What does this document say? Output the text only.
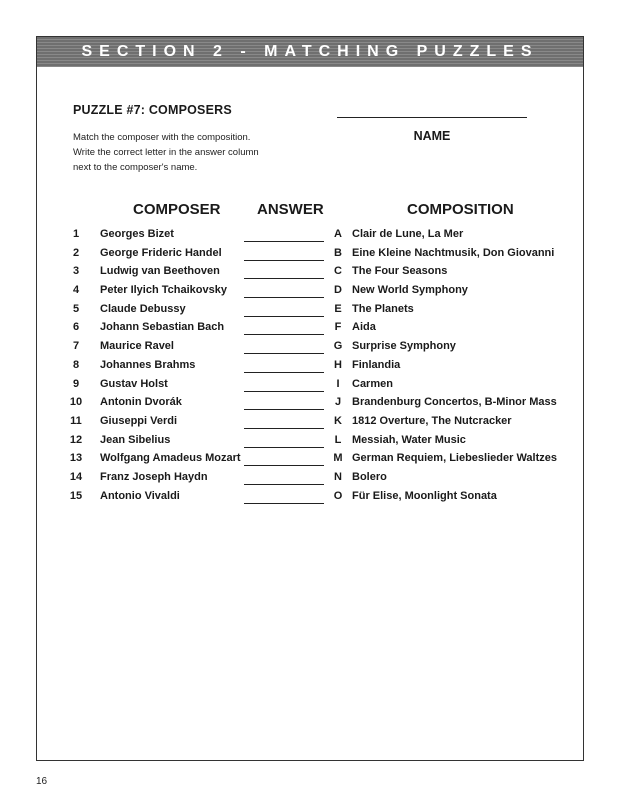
SECTION 2 - MATCHING PUZZLES
PUZZLE #7: COMPOSERS
Match the composer with the composition.
Write the correct letter in the answer column
next to the composer's name.
NAME
COMPOSER ANSWER	COMPOSITION
1	Georges Bizet	A Clair de Lune, La Mer
2	George Frideric Handel	B Eine Kleine Nachtmusik, Don Giovanni
3	Ludwig van Beethoven	C The Four Seasons
4	Peter Ilyich Tchaikovsky	D New World Symphony
5	Claude Debussy	E The Planets
6	Johann Sebastian Bach	F Aida
7	Maurice Ravel	G Surprise Symphony
8	Johannes Brahms	H Finlandia
9	Gustav Holst	I	Carmen
10 Antonin Dvorák	J Brandenburg Concertos, B-Minor Mass
11 Giuseppi Verdi	K 1812 Overture, The Nutcracker
12 Jean Sibelius	L Messiah, Water Music
13 Wolfgang Amadeus Mozart	M German Requiem, Liebeslieder Waltzes
14 Franz Joseph Haydn	N Bolero
15 Antonio Vivaldi	O Für Elise, Moonlight Sonata
16
